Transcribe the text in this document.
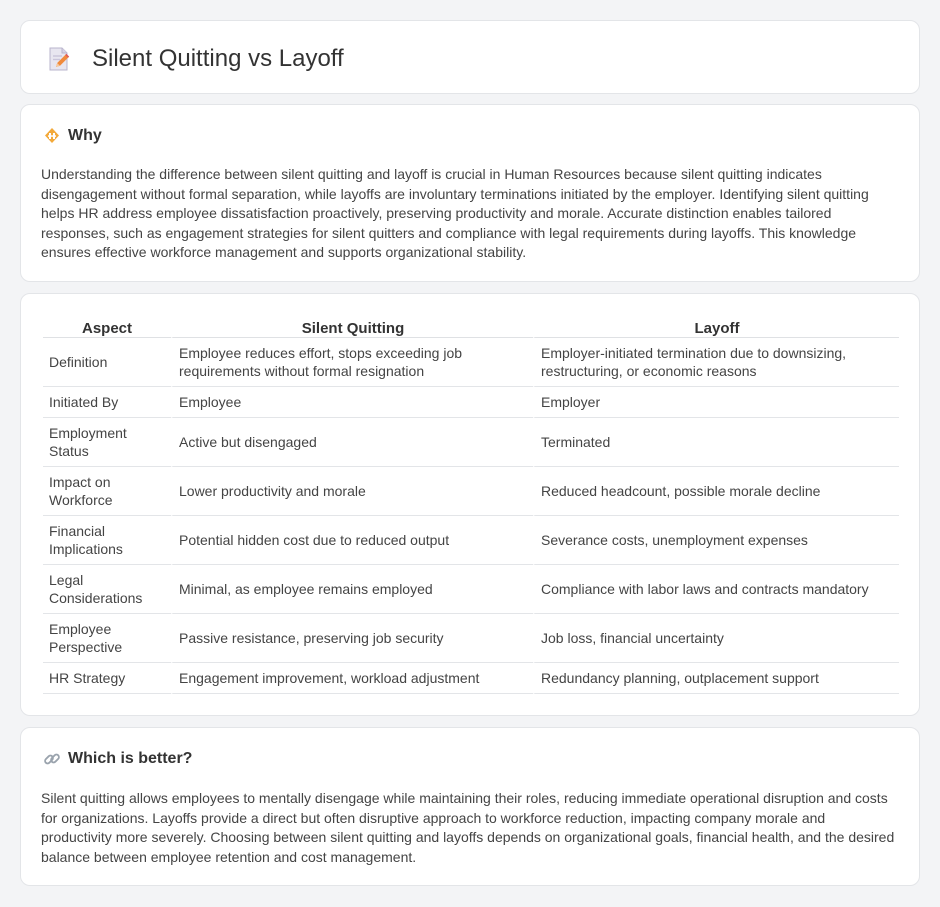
Silent Quitting vs Layoff
Why

Understanding the difference between silent quitting and layoff is crucial in Human Resources because silent quitting indicates disengagement without formal separation, while layoffs are involuntary terminations initiated by the employer. Identifying silent quitting helps HR address employee dissatisfaction proactively, preserving productivity and morale. Accurate distinction enables tailored responses, such as engagement strategies for silent quitters and compliance with legal requirements during layoffs. This knowledge ensures effective workforce management and supports organizational stability.

Aspect	Silent Quitting	Layoff
Definition	Employee reduces effort, stops exceeding job requirements without formal resignation	Employer-initiated termination due to downsizing, restructuring, or economic reasons
Initiated By	Employee	Employer
Employment Status	Active but disengaged	Terminated
Impact on Workforce	Lower productivity and morale	Reduced headcount, possible morale decline
Financial Implications	Potential hidden cost due to reduced output	Severance costs, unemployment expenses
Legal Considerations	Minimal, as employee remains employed	Compliance with labor laws and contracts mandatory
Employee Perspective	Passive resistance, preserving job security	Job loss, financial uncertainty
HR Strategy	Engagement improvement, workload adjustment	Redundancy planning, outplacement support
Which is better?

Silent quitting allows employees to mentally disengage while maintaining their roles, reducing immediate operational disruption and costs for organizations. Layoffs provide a direct but often disruptive approach to workforce reduction, impacting company morale and productivity more severely. Choosing between silent quitting and layoffs depends on organizational goals, financial health, and the desired balance between employee retention and cost management.
